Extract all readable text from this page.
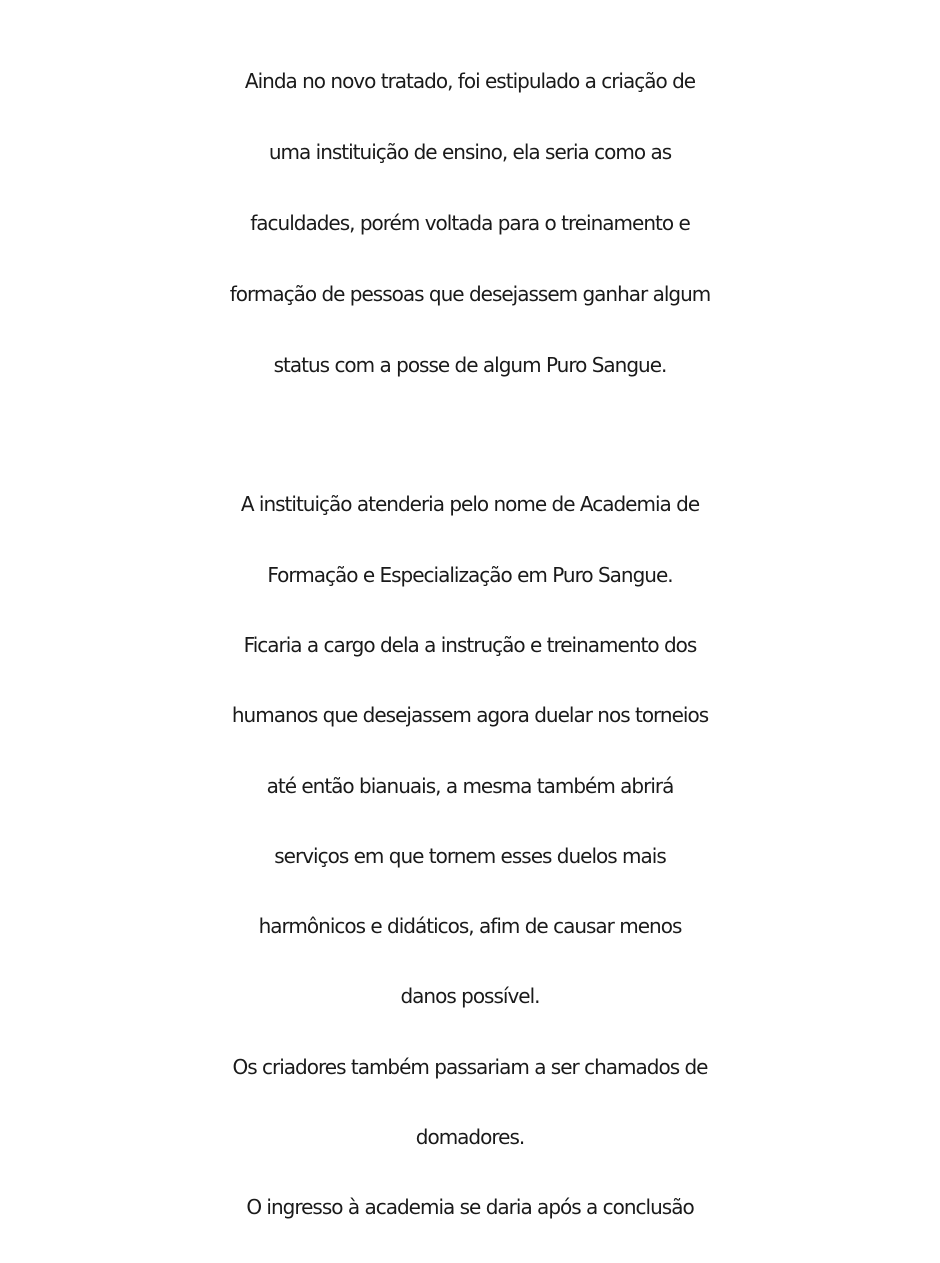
Ainda no novo tratado, foi estipulado a criação de
uma instituição de ensino, ela seria como as
faculdades, porém voltada para o treinamento e
formação de pessoas que desejassem ganhar algum
status com a posse de algum Puro Sangue.
A instituição atenderia pelo nome de Academia de
Formação e Especialização em Puro Sangue.
Ficaria a cargo dela a instrução e treinamento dos
humanos que desejassem agora duelar nos torneios
até então bianuais, a mesma também abrirá
serviços em que tornem esses duelos mais
harmônicos e didáticos, afim de causar menos
danos possível.
Os criadores também passariam a ser chamados de
domadores.
O ingresso à academia se daria após a conclusão
